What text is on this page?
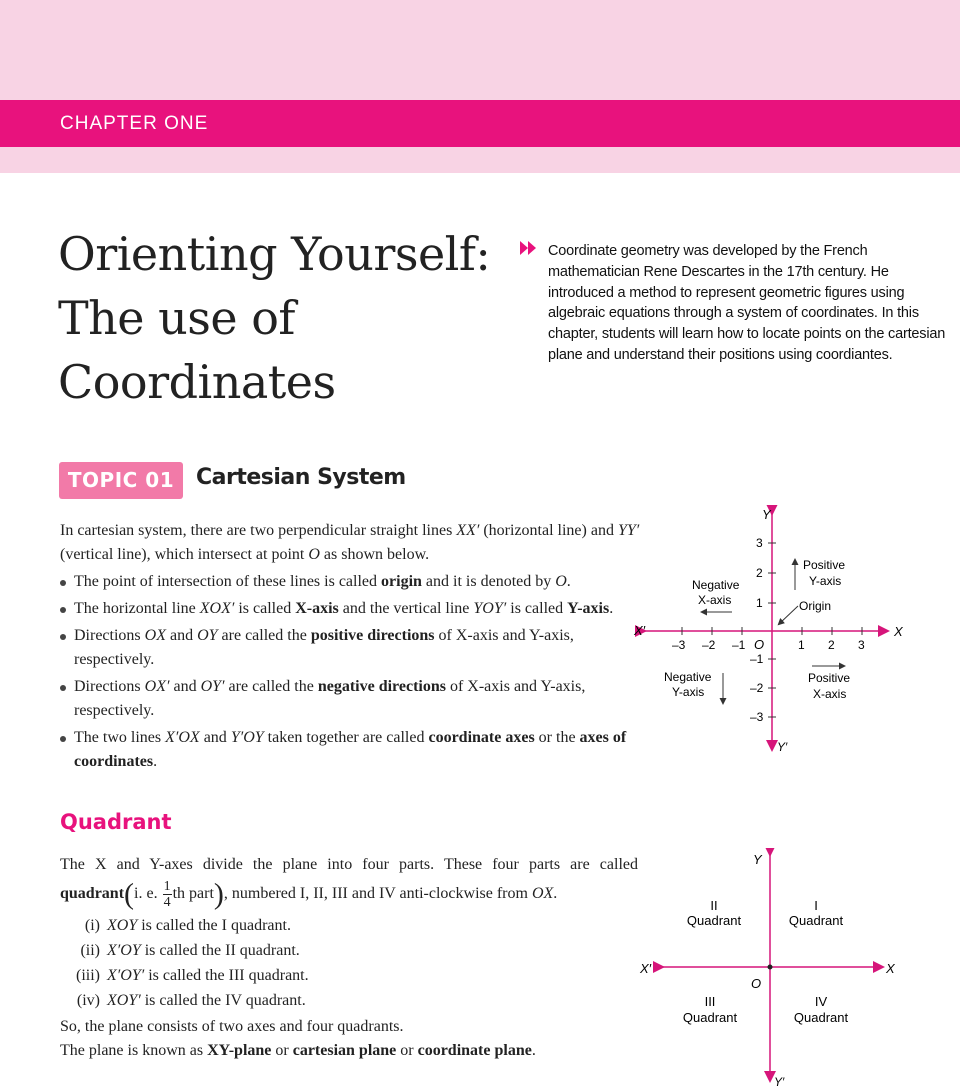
CHAPTER ONE
Orienting Yourself:
The use of
Coordinates
Coordinate geometry was developed by the French mathematician Rene Descartes in the 17th century. He introduced a method to represent geometric figures using algebraic equations through a system of coordinates. In this chapter, students will learn how to locate points on the cartesian plane and understand their positions using coordiantes.
TOPIC 01 Cartesian System
In cartesian system, there are two perpendicular straight lines XX′ (horizontal line) and YY′ (vertical line), which intersect at point O as shown below.
The point of intersection of these lines is called origin and it is denoted by O.
The horizontal line XOX′ is called X-axis and the vertical line YOY′ is called Y-axis.
Directions OX and OY are called the positive directions of X-axis and Y-axis, respectively.
Directions OX′ and OY′ are called the negative directions of X-axis and Y-axis, respectively.
The two lines X′OX and Y′OY taken together are called coordinate axes or the axes of coordinates.
X
X′
Y
Y′
O
–3 –2 –1	1 2 3
3
2
1
–1
–2
–3
Negative
X-axis
Positive
Y-axis
Origin
Negative
Y-axis
Positive
X-axis
Quadrant
The X and Y-axes divide the plane into four parts. These four parts are called
quadrant(i. e. $\frac{1}{4}$ th part), numbered I, II, III and IV anti-clockwise from OX.
(i) XOY is called the I quadrant.
(ii) X′OY is called the II quadrant.
(iii) X′OY′ is called the III quadrant.
(iv) XOY′ is called the IV quadrant.
So, the plane consists of two axes and four quadrants.
The plane is known as XY-plane or cartesian plane or coordinate plane.
Y
Y′
X
X′
O
II
Quadrant
I
Quadrant
III
Quadrant
IV
Quadrant
